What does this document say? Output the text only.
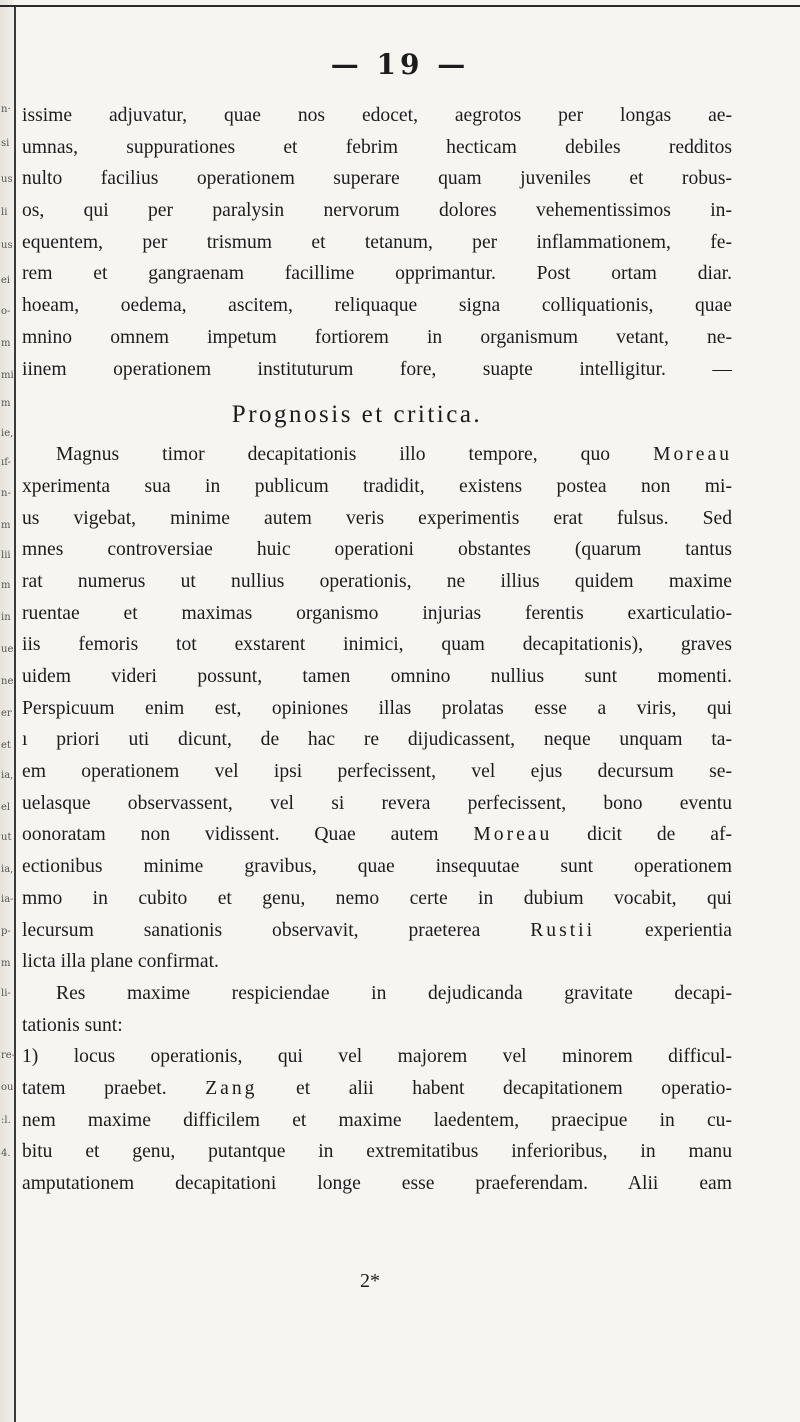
n·
si
us
li
us
ei
o-
m
mi
m
ie,
ıf-
n-
m
lii
m
in
ue
ne
er
et
ia,
el
ut
ia,
ia-
p-
m
li-
re-
ou
:l.
4.
— 19 —
issime adjuvatur, quae nos edocet, aegrotos per longas ae-
umnas, suppurationes et febrim hecticam debiles redditos
nulto facilius operationem superare quam juveniles et robus-
os, qui per paralysin nervorum dolores vehementissimos in-
equentem, per trismum et tetanum, per inflammationem, fe-
rem et gangraenam facillime opprimantur. Post ortam diar.
hoeam, oedema, ascitem, reliquaque signa colliquationis, quae
mnino omnem impetum fortiorem in organismum vetant, ne-
iinem operationem instituturum fore, suapte intelligitur. —
Prognosis et critica.
Magnus timor decapitationis illo tempore, quo Moreau
xperimenta sua in publicum tradidit, existens postea non mi-
us vigebat, minime autem veris experimentis erat fulsus. Sed
mnes controversiae huic operationi obstantes (quarum tantus
rat numerus ut nullius operationis, ne illius quidem maxime
ruentae et maximas organismo injurias ferentis exarticulatio-
iis femoris tot exstarent inimici, quam decapitationis), graves
uidem videri possunt, tamen omnino nullius sunt momenti.
Perspicuum enim est, opiniones illas prolatas esse a viris, qui
ı priori uti dicunt, de hac re dijudicassent, neque unquam ta-
em operationem vel ipsi perfecissent, vel ejus decursum se-
uelasque observassent, vel si revera perfecissent, bono eventu
oonoratam non vidissent. Quae autem Moreau dicit de af-
ectionibus minime gravibus, quae insequutae sunt operationem
mmo in cubito et genu, nemo certe in dubium vocabit, qui
lecursum sanationis observavit, praeterea Rustii experientia
licta illa plane confirmat.
Res maxime respiciendae in dejudicanda gravitate decapi-
tationis sunt:
1) locus operationis, qui vel majorem vel minorem difficul-
tatem praebet. Zang et alii habent decapitationem operatio-
nem maxime difficilem et maxime laedentem, praecipue in cu-
bitu et genu, putantque in extremitatibus inferioribus, in manu
amputationem decapitationi longe esse praeferendam. Alii eam
2*
